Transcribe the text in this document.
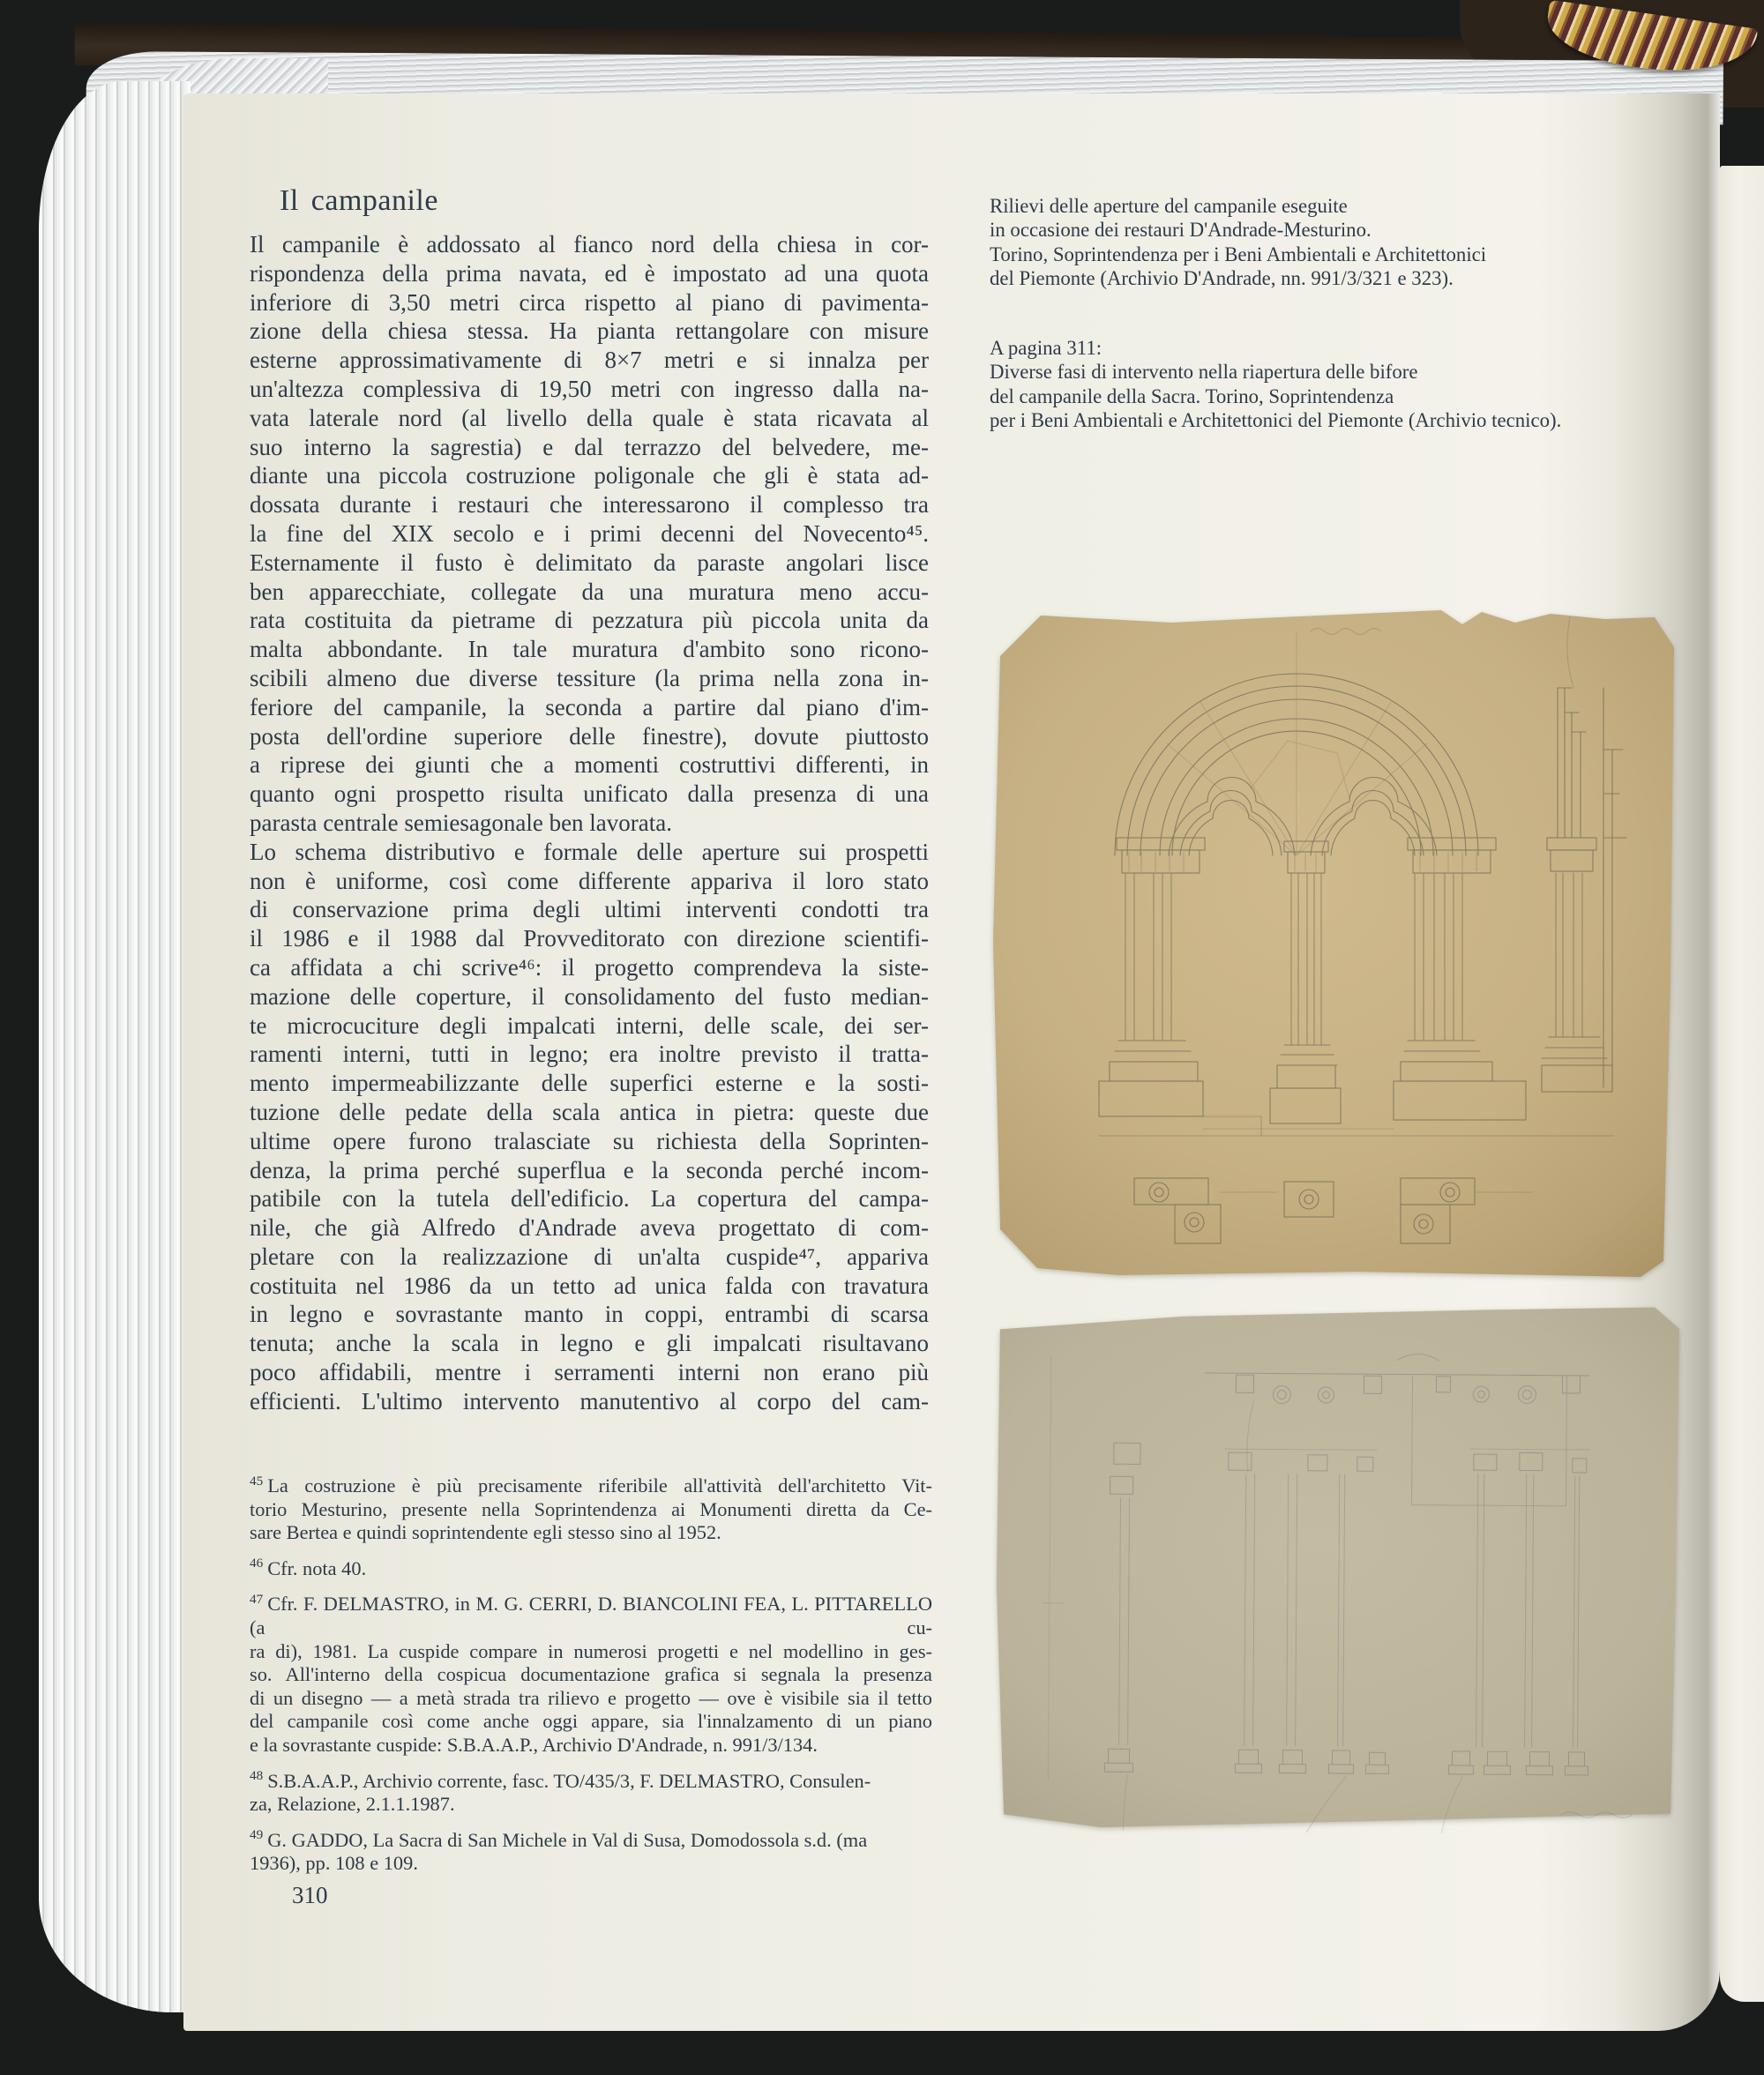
Il campanile
Il campanile è addossato al fianco nord della chiesa in cor-
rispondenza della prima navata, ed è impostato ad una quota
inferiore di 3,50 metri circa rispetto al piano di pavimenta-
zione della chiesa stessa. Ha pianta rettangolare con misure
esterne approssimativamente di 8×7 metri e si innalza per
un'altezza complessiva di 19,50 metri con ingresso dalla na-
vata laterale nord (al livello della quale è stata ricavata al
suo interno la sagrestia) e dal terrazzo del belvedere, me-
diante una piccola costruzione poligonale che gli è stata ad-
dossata durante i restauri che interessarono il complesso tra
la fine del XIX secolo e i primi decenni del Novecento⁴⁵.
Esternamente il fusto è delimitato da paraste angolari lisce
ben apparecchiate, collegate da una muratura meno accu-
rata costituita da pietrame di pezzatura più piccola unita da
malta abbondante. In tale muratura d'ambito sono ricono-
scibili almeno due diverse tessiture (la prima nella zona in-
feriore del campanile, la seconda a partire dal piano d'im-
posta dell'ordine superiore delle finestre), dovute piuttosto
a riprese dei giunti che a momenti costruttivi differenti, in
quanto ogni prospetto risulta unificato dalla presenza di una
parasta centrale semiesagonale ben lavorata.
Lo schema distributivo e formale delle aperture sui prospetti
non è uniforme, così come differente appariva il loro stato
di conservazione prima degli ultimi interventi condotti tra
il 1986 e il 1988 dal Provveditorato con direzione scientifi-
ca affidata a chi scrive⁴⁶: il progetto comprendeva la siste-
mazione delle coperture, il consolidamento del fusto median-
te microcuciture degli impalcati interni, delle scale, dei ser-
ramenti interni, tutti in legno; era inoltre previsto il tratta-
mento impermeabilizzante delle superfici esterne e la sosti-
tuzione delle pedate della scala antica in pietra: queste due
ultime opere furono tralasciate su richiesta della Soprinten-
denza, la prima perché superflua e la seconda perché incom-
patibile con la tutela dell'edificio. La copertura del campa-
nile, che già Alfredo d'Andrade aveva progettato di com-
pletare con la realizzazione di un'alta cuspide⁴⁷, appariva
costituita nel 1986 da un tetto ad unica falda con travatura
in legno e sovrastante manto in coppi, entrambi di scarsa
tenuta; anche la scala in legno e gli impalcati risultavano
poco affidabili, mentre i serramenti interni non erano più
efficienti. L'ultimo intervento manutentivo al corpo del cam-
Rilievi delle aperture del campanile eseguite
in occasione dei restauri D'Andrade-Mesturino.
Torino, Soprintendenza per i Beni Ambientali e Architettonici
del Piemonte (Archivio D'Andrade, nn. 991/3/321 e 323).
A pagina 311:
Diverse fasi di intervento nella riapertura delle bifore
del campanile della Sacra. Torino, Soprintendenza
per i Beni Ambientali e Architettonici del Piemonte (Archivio tecnico).
$^{45}$ La costruzione è più precisamente riferibile all'attività dell'architetto Vit-
torio Mesturino, presente nella Soprintendenza ai Monumenti diretta da Ce-
sare Bertea e quindi soprintendente egli stesso sino al 1952.
$^{46}$ Cfr. nota 40.
$^{47}$ Cfr. F. DELMASTRO, in M. G. CERRI, D. BIANCOLINI FEA, L. PITTARELLO (a cu-
ra di), 1981. La cuspide compare in numerosi progetti e nel modellino in ges-
so. All'interno della cospicua documentazione grafica si segnala la presenza
di un disegno — a metà strada tra rilievo e progetto — ove è visibile sia il tetto
del campanile così come anche oggi appare, sia l'innalzamento di un piano
e la sovrastante cuspide: S.B.A.A.P., Archivio D'Andrade, n. 991/3/134.
$^{48}$ S.B.A.A.P., Archivio corrente, fasc. TO/435/3, F. DELMASTRO, Consulen-
za, Relazione, 2.1.1.1987.
$^{49}$ G. GADDO, La Sacra di San Michele in Val di Susa, Domodossola s.d. (ma
1936), pp. 108 e 109.
310
